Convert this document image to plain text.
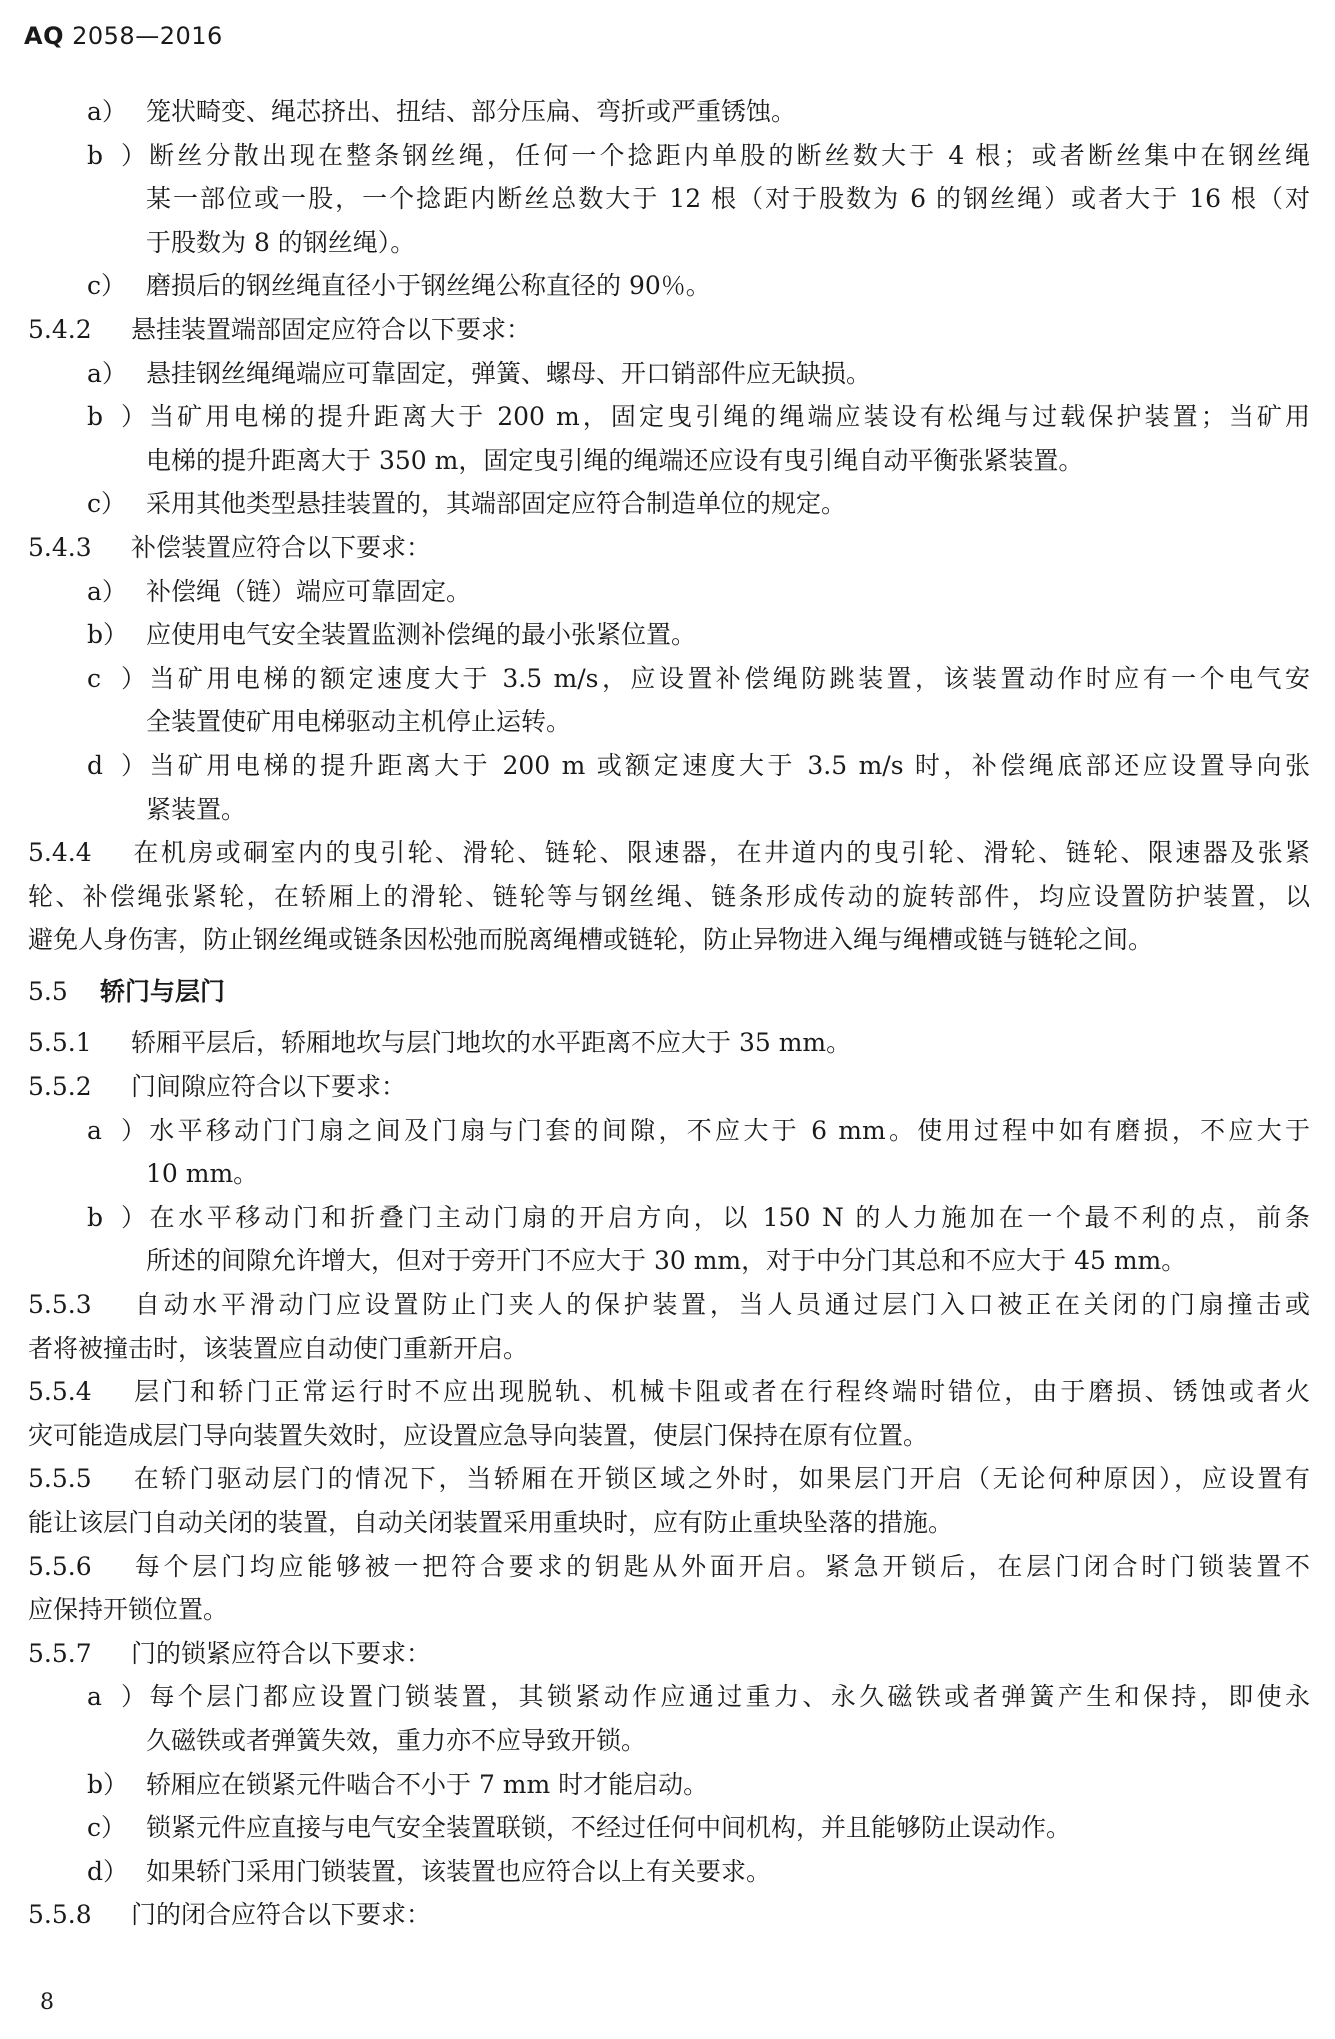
AQ 2058—2016
a） 笼状畸变、绳芯挤出、扭结、部分压扁、弯折或严重锈蚀。
b）断丝分散出现在整条钢丝绳，任何一个捻距内单股的断丝数大于 4 根；或者断丝集中在钢丝绳
某一部位或一股，一个捻距内断丝总数大于 12 根（对于股数为 6 的钢丝绳）或者大于 16 根（对
于股数为 8 的钢丝绳）。
c） 磨损后的钢丝绳直径小于钢丝绳公称直径的 90％。
5.4.2 悬挂装置端部固定应符合以下要求：
a） 悬挂钢丝绳绳端应可靠固定，弹簧、螺母、开口销部件应无缺损。
b）当矿用电梯的提升距离大于 200 m，固定曳引绳的绳端应装设有松绳与过载保护装置；当矿用
电梯的提升距离大于 350 m，固定曳引绳的绳端还应设有曳引绳自动平衡张紧装置。
c） 采用其他类型悬挂装置的，其端部固定应符合制造单位的规定。
5.4.3 补偿装置应符合以下要求：
a） 补偿绳（链）端应可靠固定。
b） 应使用电气安全装置监测补偿绳的最小张紧位置。
c）当矿用电梯的额定速度大于 3.5 m/s，应设置补偿绳防跳装置，该装置动作时应有一个电气安
全装置使矿用电梯驱动主机停止运转。
d）当矿用电梯的提升距离大于 200 m 或额定速度大于 3.5 m/s 时，补偿绳底部还应设置导向张
紧装置。
5.4.4 在机房或硐室内的曳引轮、滑轮、链轮、限速器，在井道内的曳引轮、滑轮、链轮、限速器及张紧
轮、补偿绳张紧轮，在轿厢上的滑轮、链轮等与钢丝绳、链条形成传动的旋转部件，均应设置防护装置，以
避免人身伤害，防止钢丝绳或链条因松弛而脱离绳槽或链轮，防止异物进入绳与绳槽或链与链轮之间。
5.5 轿门与层门
5.5.1 轿厢平层后，轿厢地坎与层门地坎的水平距离不应大于 35 mm。
5.5.2 门间隙应符合以下要求：
a）水平移动门门扇之间及门扇与门套的间隙，不应大于 6 mm。使用过程中如有磨损，不应大于
10 mm。
b）在水平移动门和折叠门主动门扇的开启方向，以 150 N 的人力施加在一个最不利的点，前条
所述的间隙允许增大，但对于旁开门不应大于 30 mm，对于中分门其总和不应大于 45 mm。
5.5.3 自动水平滑动门应设置防止门夹人的保护装置，当人员通过层门入口被正在关闭的门扇撞击或
者将被撞击时，该装置应自动使门重新开启。
5.5.4 层门和轿门正常运行时不应出现脱轨、机械卡阻或者在行程终端时错位，由于磨损、锈蚀或者火
灾可能造成层门导向装置失效时，应设置应急导向装置，使层门保持在原有位置。
5.5.5 在轿门驱动层门的情况下，当轿厢在开锁区域之外时，如果层门开启（无论何种原因），应设置有
能让该层门自动关闭的装置，自动关闭装置采用重块时，应有防止重块坠落的措施。
5.5.6 每个层门均应能够被一把符合要求的钥匙从外面开启。紧急开锁后，在层门闭合时门锁装置不
应保持开锁位置。
5.5.7 门的锁紧应符合以下要求：
a）每个层门都应设置门锁装置，其锁紧动作应通过重力、永久磁铁或者弹簧产生和保持，即使永
久磁铁或者弹簧失效，重力亦不应导致开锁。
b） 轿厢应在锁紧元件啮合不小于 7 mm 时才能启动。
c） 锁紧元件应直接与电气安全装置联锁，不经过任何中间机构，并且能够防止误动作。
d） 如果轿门采用门锁装置，该装置也应符合以上有关要求。
5.5.8 门的闭合应符合以下要求：
8
